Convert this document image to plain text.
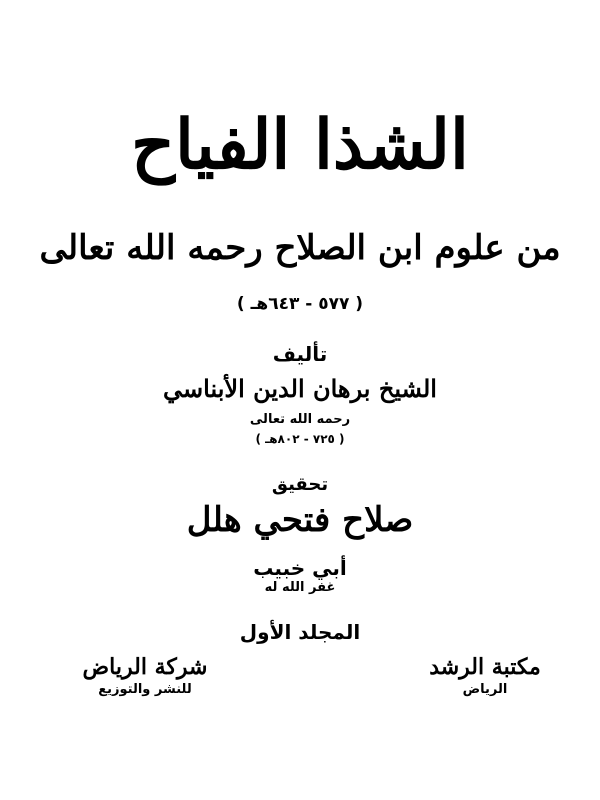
الشذا الفياح
من علوم ابن الصلاح رحمه الله تعالى
( ٥٧٧ - ٦٤٣هـ )
تأليف
الشيخ برهان الدين الأبناسي
رحمه الله تعالى
( ٧٢٥ - ٨٠٢هـ )
تحقيق
صلاح فتحي هلل
أبي خبيب
غفر الله له
المجلد الأول
شركة الرياض
للنشر والتوزيع
مكتبة الرشد
الرياض
